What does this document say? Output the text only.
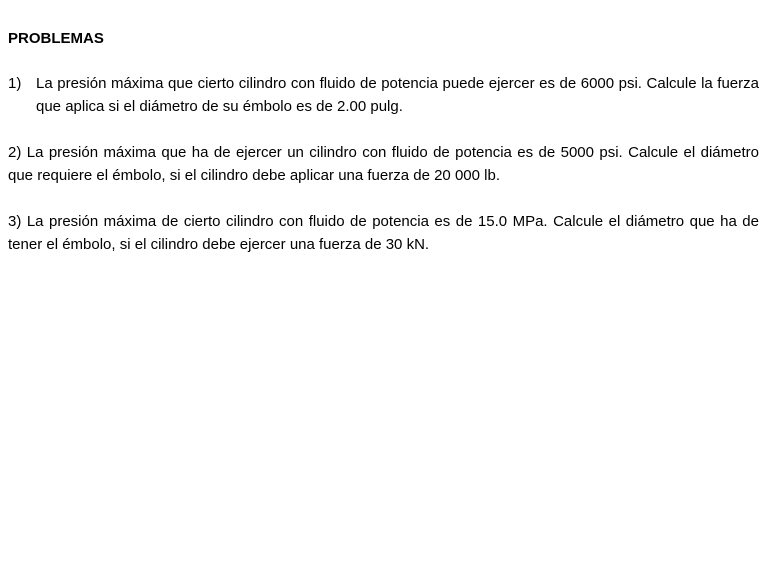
PROBLEMAS
1) La presión máxima que cierto cilindro con fluido de potencia puede ejercer es de 6000 psi. Calcule la fuerza que aplica si el diámetro de su émbolo es de 2.00 pulg.
2) La presión máxima que ha de ejercer un cilindro con fluido de potencia es de 5000 psi. Calcule el diámetro que requiere el émbolo, si el cilindro debe aplicar una fuerza de 20 000 lb.
3) La presión máxima de cierto cilindro con fluido de potencia es de 15.0 MPa. Calcule el diámetro que ha de tener el émbolo, si el cilindro debe ejercer una fuerza de 30 kN.
